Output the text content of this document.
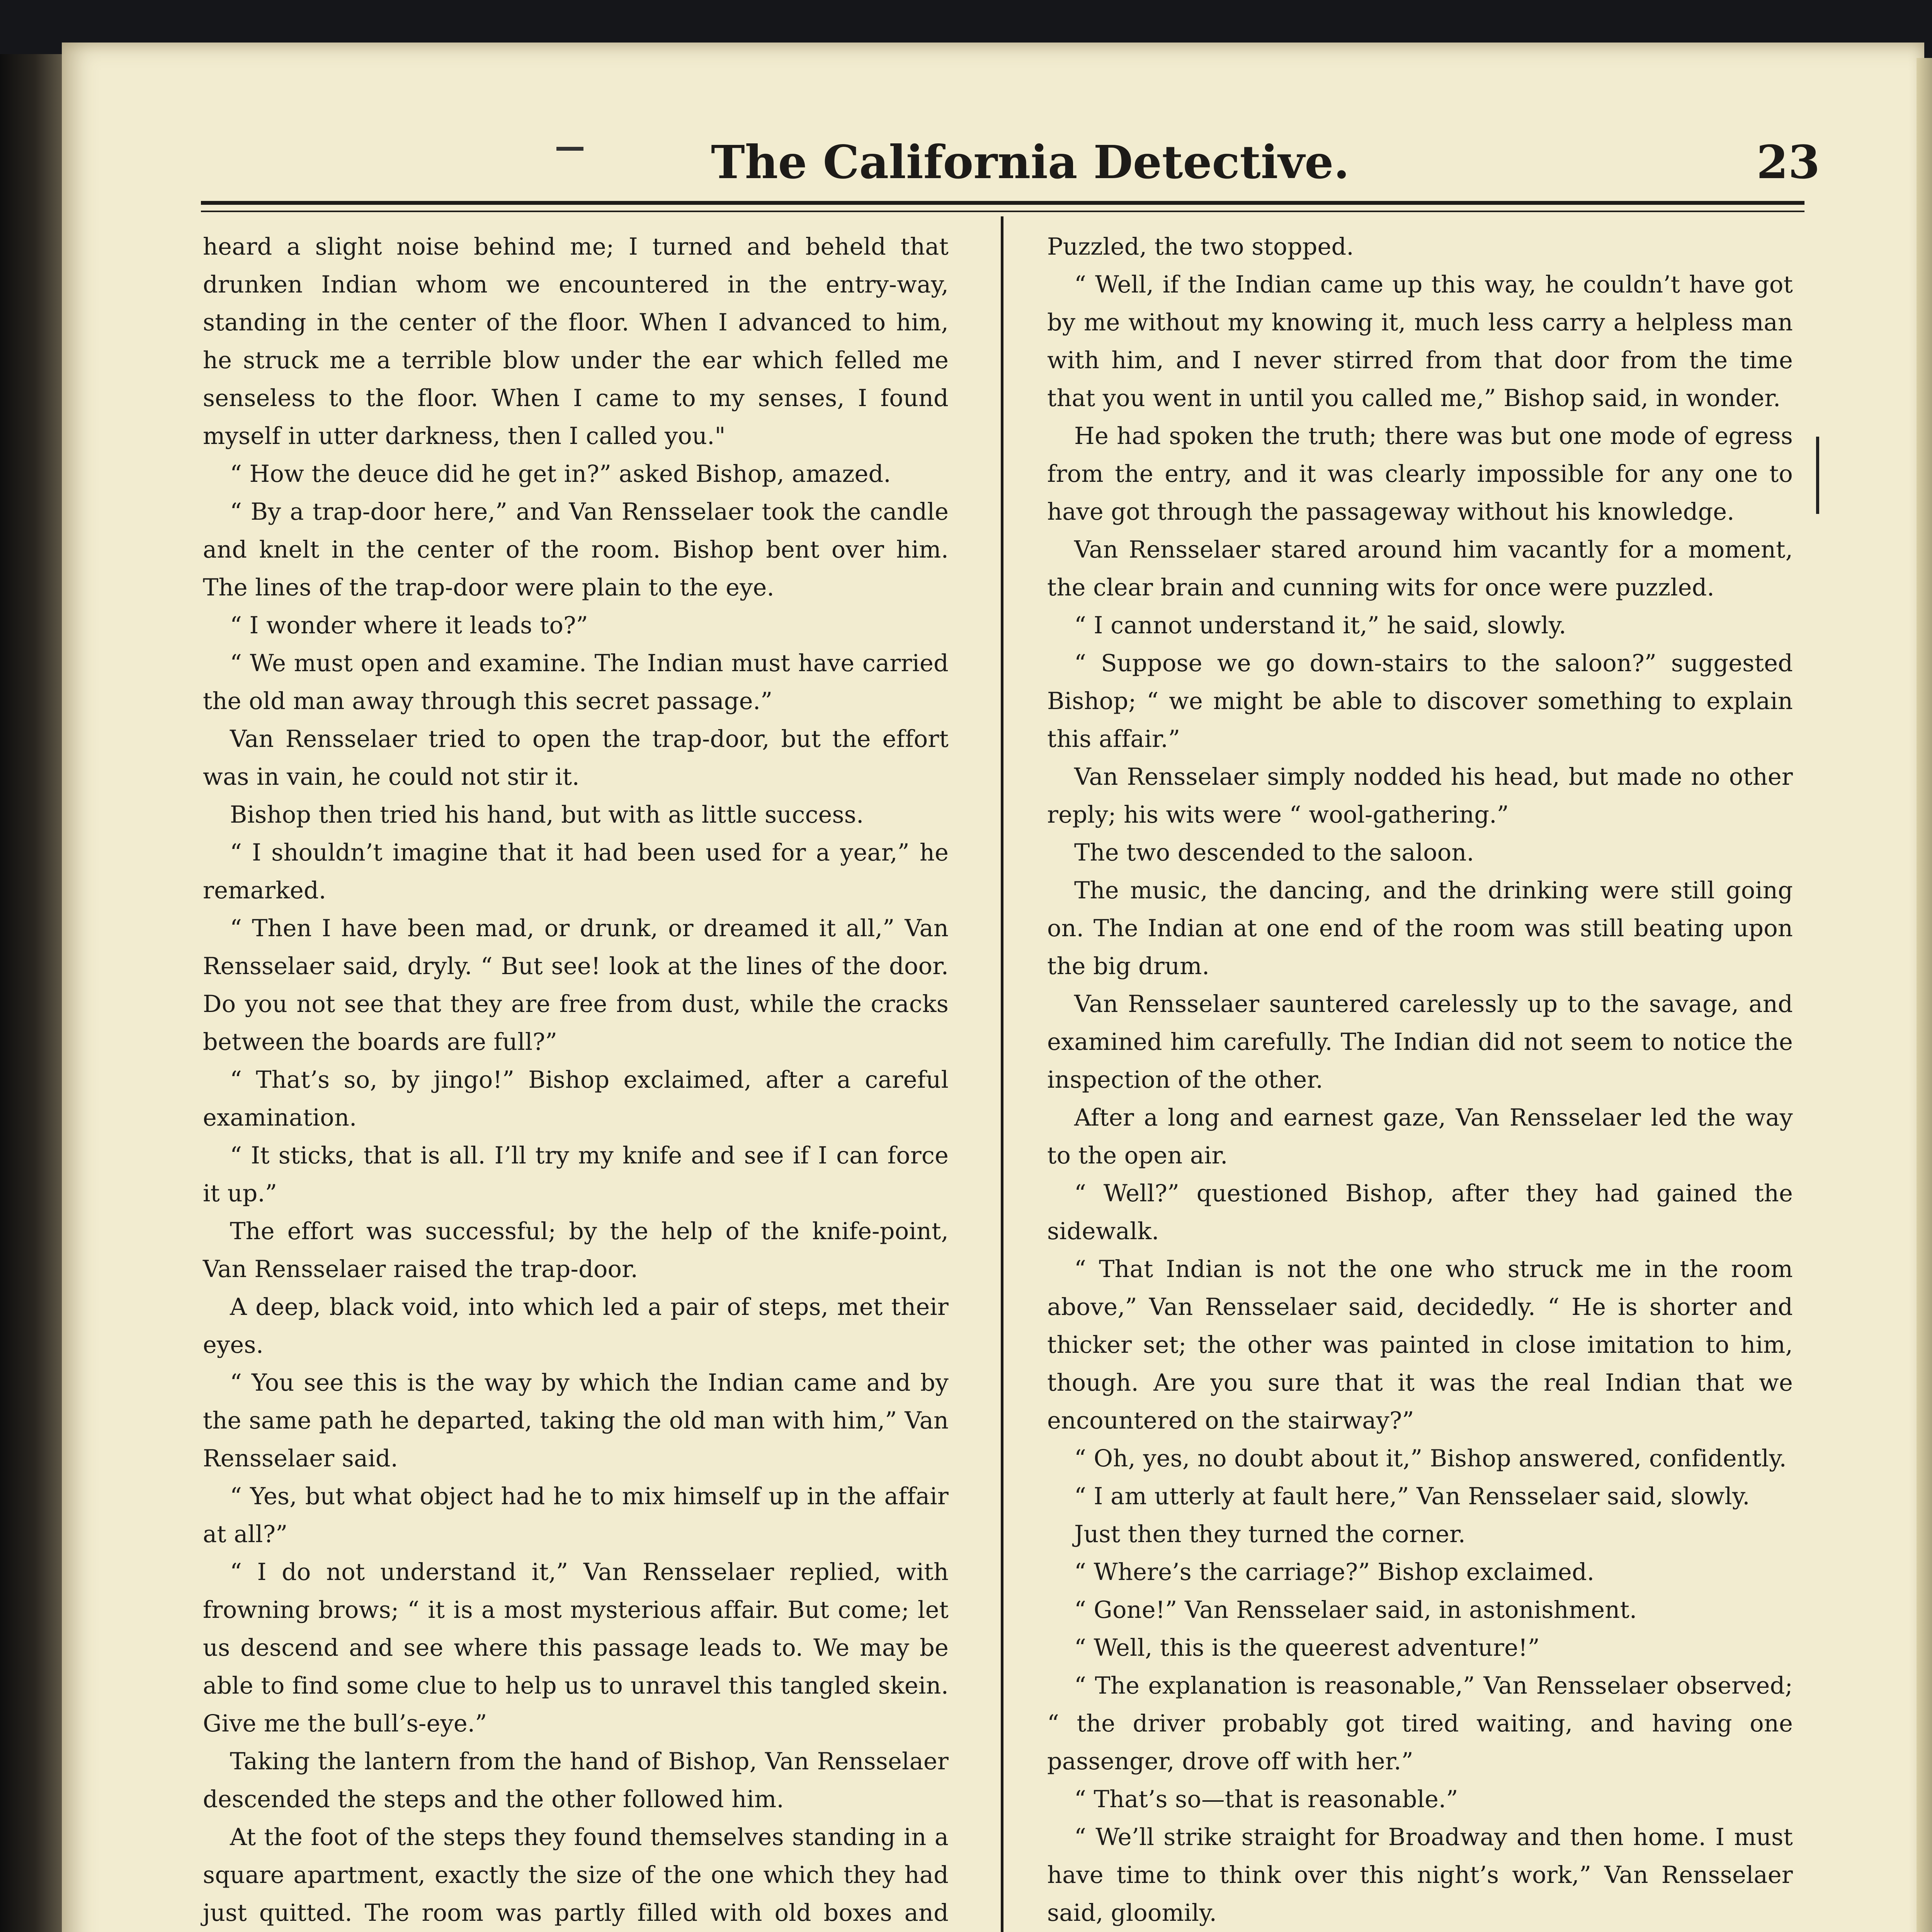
The California Detective.	23

heard a slight noise behind me; I turned and beheld that drunken Indian whom we encountered in the entry-way, standing in the center of the floor. When I advanced to him, he struck me a terrible blow under the ear which felled me senseless to the floor. When I came to my senses, I found myself in utter darkness, then I called you."

“ How the deuce did he get in?” asked Bishop, amazed.

“ By a trap-door here,” and Van Rensselaer took the candle and knelt in the center of the room. Bishop bent over him. The lines of the trap-door were plain to the eye.

“ I wonder where it leads to?”

“ We must open and examine. The Indian must have carried the old man away through this secret passage.”

Van Rensselaer tried to open the trap-door, but the effort was in vain, he could not stir it.

Bishop then tried his hand, but with as little success.

“ I shouldn’t imagine that it had been used for a year,” he remarked.

“ Then I have been mad, or drunk, or dreamed it all,” Van Rensselaer said, dryly. “ But see! look at the lines of the door. Do you not see that they are free from dust, while the cracks between the boards are full?”

“ That’s so, by jingo!” Bishop exclaimed, after a careful examination.

“ It sticks, that is all. I’ll try my knife and see if I can force it up.”

The effort was successful; by the help of the knife-point, Van Rensselaer raised the trap-door.

A deep, black void, into which led a pair of steps, met their eyes.

“ You see this is the way by which the Indian came and by the same path he departed, taking the old man with him,” Van Rensselaer said.

“ Yes, but what object had he to mix himself up in the affair at all?”

“ I do not understand it,” Van Rensselaer replied, with frowning brows; “ it is a most mysterious affair. But come; let us descend and see where this passage leads to. We may be able to find some clue to help us to unravel this tangled skein. Give me the bull’s-eye.”

Taking the lantern from the hand of Bishop, Van Rensselaer descended the steps and the other followed him.

At the foot of the steps they found themselves standing in a square apartment, exactly the size of the one which they had just quitted. The room was partly filled with old boxes and

Puzzled, the two stopped.

“ Well, if the Indian came up this way, he couldn’t have got by me without my knowing it, much less carry a helpless man with him, and I never stirred from that door from the time that you went in until you called me,” Bishop said, in wonder.

He had spoken the truth; there was but one mode of egress from the entry, and it was clearly impossible for any one to have got through the passageway without his knowledge.

Van Rensselaer stared around him vacantly for a moment, the clear brain and cunning wits for once were puzzled.

“ I cannot understand it,” he said, slowly.

“ Suppose we go down-stairs to the saloon?” suggested Bishop; “ we might be able to discover something to explain this affair.”

Van Rensselaer simply nodded his head, but made no other reply; his wits were “ wool-gathering.”

The two descended to the saloon.

The music, the dancing, and the drinking were still going on. The Indian at one end of the room was still beating upon the big drum.

Van Rensselaer sauntered carelessly up to the savage, and examined him carefully. The Indian did not seem to notice the inspection of the other.

After a long and earnest gaze, Van Rensselaer led the way to the open air.

“ Well?” questioned Bishop, after they had gained the sidewalk.

“ That Indian is not the one who struck me in the room above,” Van Rensselaer said, decidedly. “ He is shorter and thicker set; the other was painted in close imitation to him, though. Are you sure that it was the real Indian that we encountered on the stairway?”

“ Oh, yes, no doubt about it,” Bishop answered, confidently.

“ I am utterly at fault here,” Van Rensselaer said, slowly.

Just then they turned the corner.

“ Where’s the carriage?” Bishop exclaimed.

“ Gone!” Van Rensselaer said, in astonishment.

“ Well, this is the queerest adventure!”

“ The explanation is reasonable,” Van Rensselaer observed; “ the driver probably got tired waiting, and having one passenger, drove off with her.”

“ That’s so—that is reasonable.”

“ We’ll strike straight for Broadway and then home. I must have time to think over this night’s work,” Van Rensselaer said, gloomily.
